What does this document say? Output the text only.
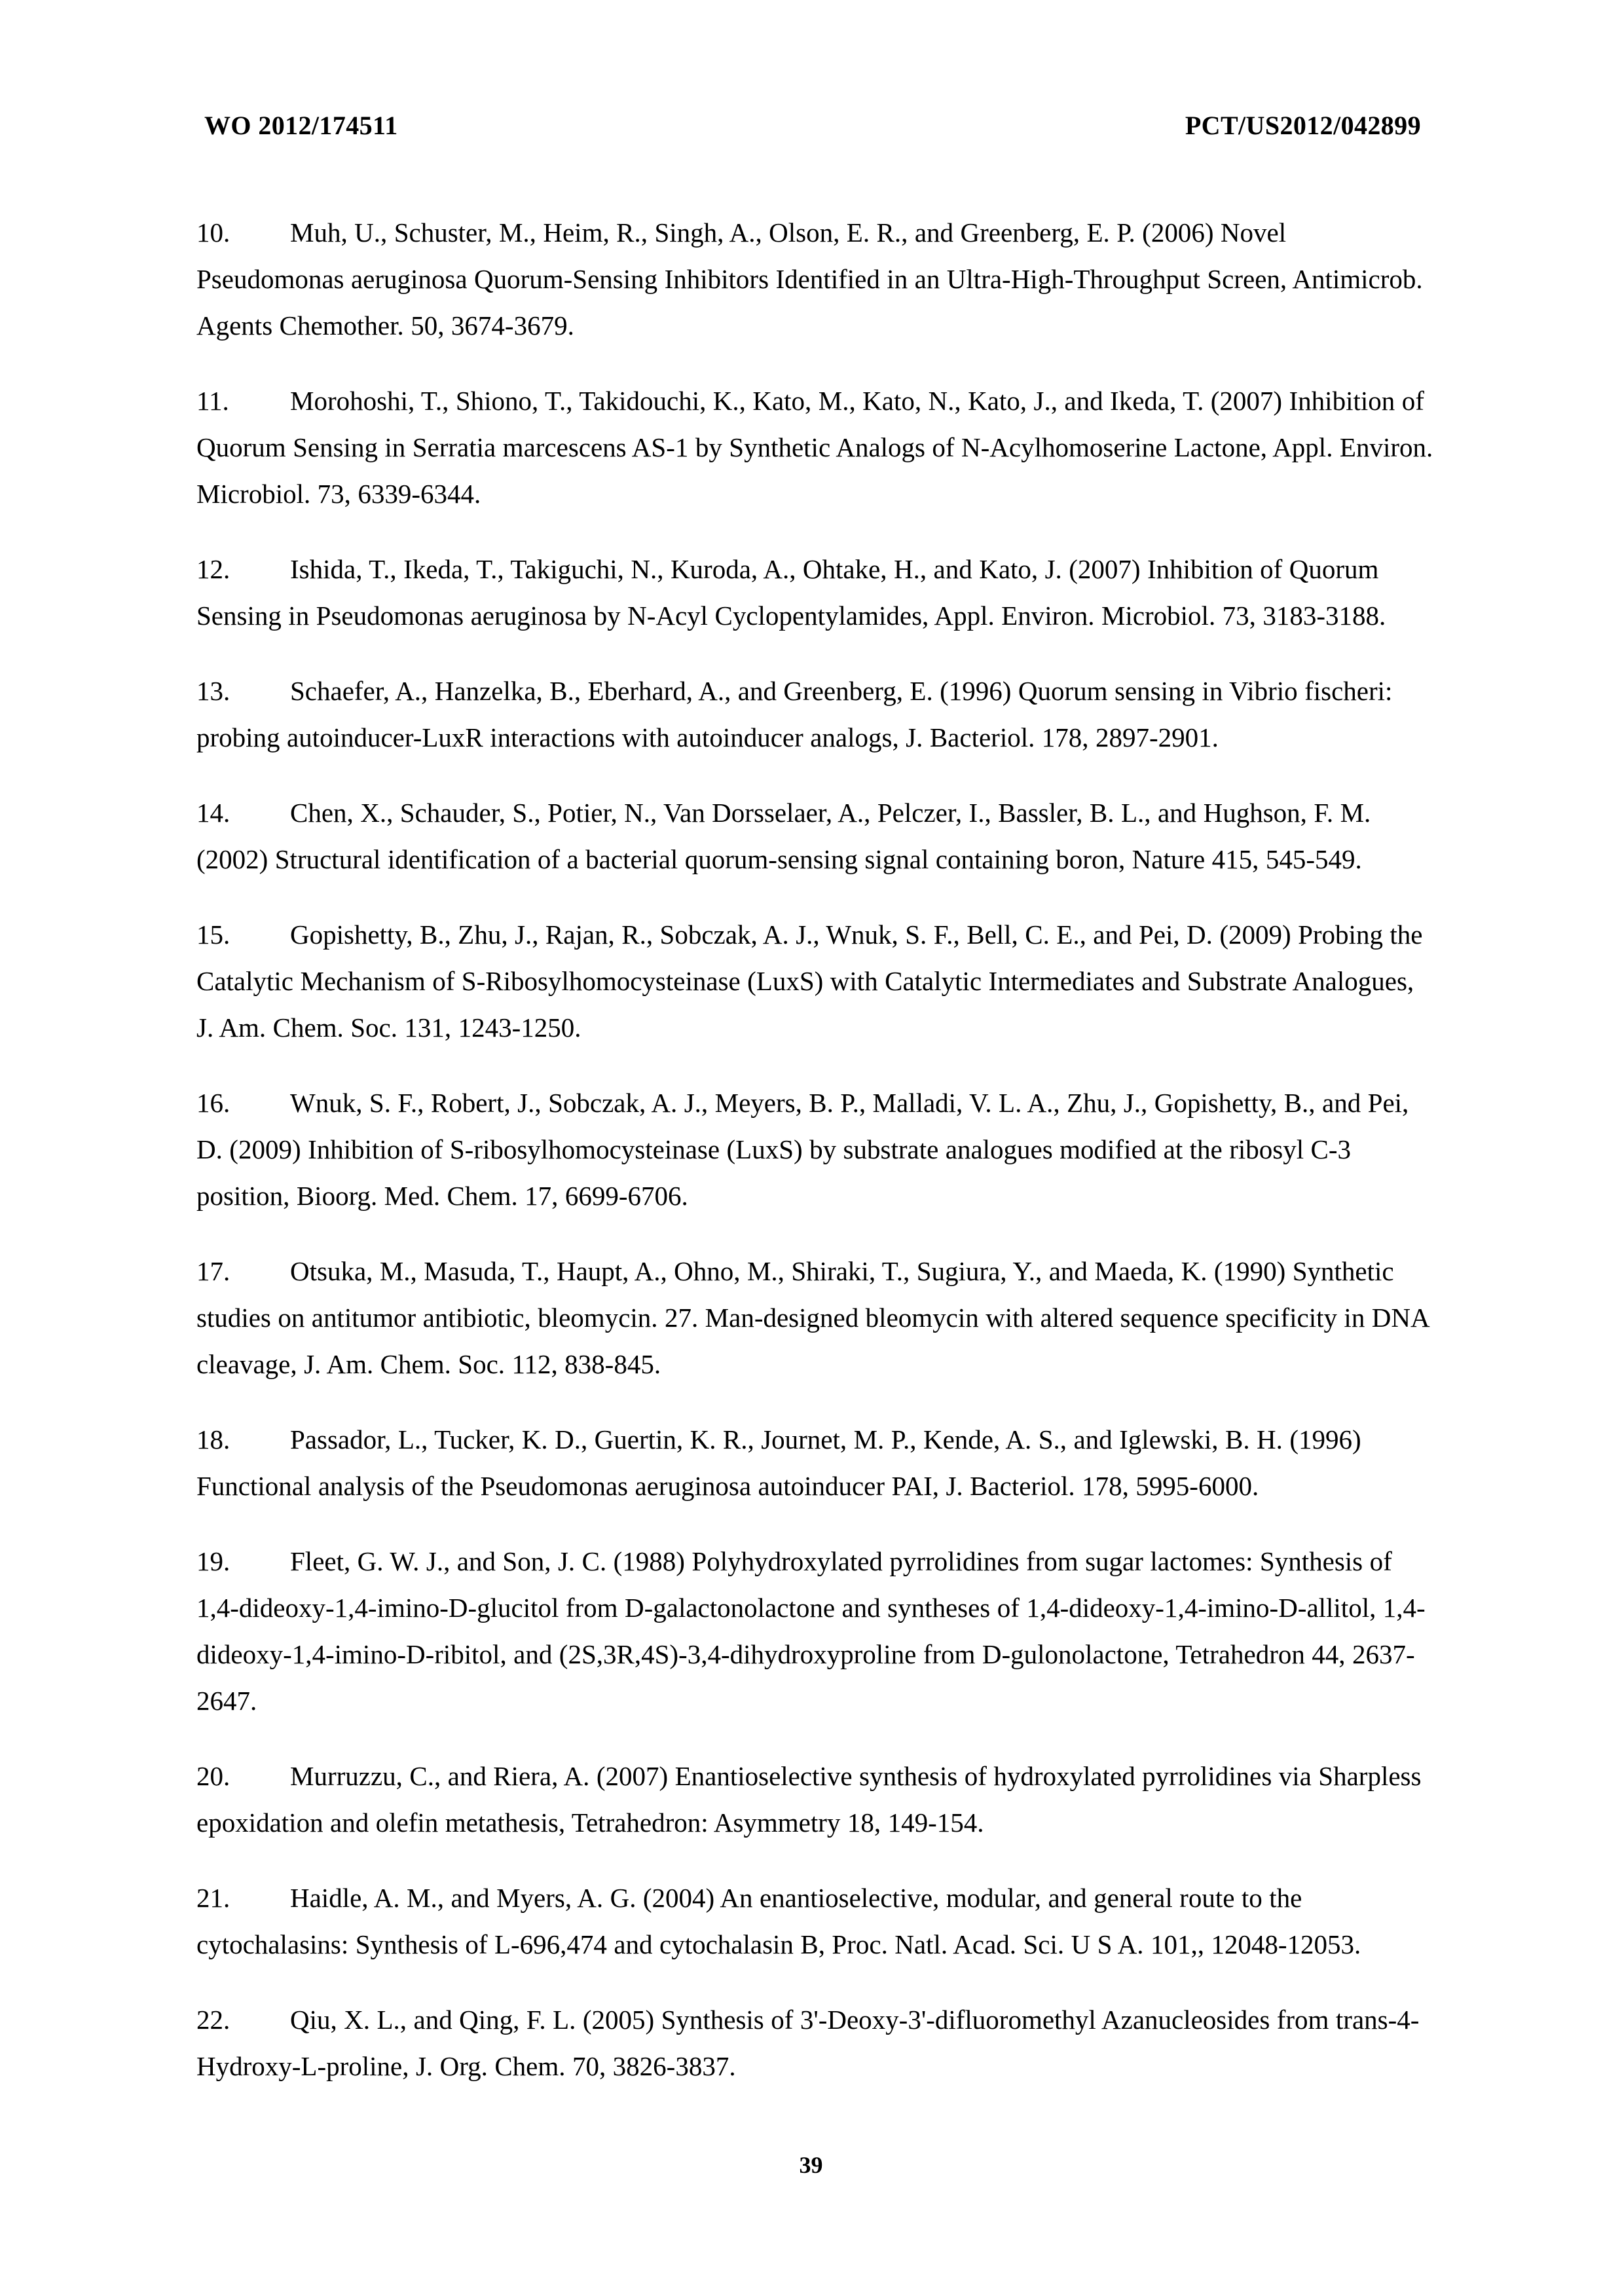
WO 2012/174511	PCT/US2012/042899

10. Muh, U., Schuster, M., Heim, R., Singh, A., Olson, E. R., and Greenberg, E. P. (2006) Novel Pseudomonas aeruginosa Quorum-Sensing Inhibitors Identified in an Ultra-High-Throughput Screen, Antimicrob. Agents Chemother. 50, 3674-3679.

11. Morohoshi, T., Shiono, T., Takidouchi, K., Kato, M., Kato, N., Kato, J., and Ikeda, T. (2007) Inhibition of Quorum Sensing in Serratia marcescens AS-1 by Synthetic Analogs of N-Acylhomoserine Lactone, Appl. Environ. Microbiol. 73, 6339-6344.

12. Ishida, T., Ikeda, T., Takiguchi, N., Kuroda, A., Ohtake, H., and Kato, J. (2007) Inhibition of Quorum Sensing in Pseudomonas aeruginosa by N-Acyl Cyclopentylamides, Appl. Environ. Microbiol. 73, 3183-3188.

13. Schaefer, A., Hanzelka, B., Eberhard, A., and Greenberg, E. (1996) Quorum sensing in Vibrio fischeri: probing autoinducer-LuxR interactions with autoinducer analogs, J. Bacteriol. 178, 2897-2901.

14. Chen, X., Schauder, S., Potier, N., Van Dorsselaer, A., Pelczer, I., Bassler, B. L., and Hughson, F. M. (2002) Structural identification of a bacterial quorum-sensing signal containing boron, Nature 415, 545-549.

15. Gopishetty, B., Zhu, J., Rajan, R., Sobczak, A. J., Wnuk, S. F., Bell, C. E., and Pei, D. (2009) Probing the Catalytic Mechanism of S-Ribosylhomocysteinase (LuxS) with Catalytic Intermediates and Substrate Analogues, J. Am. Chem. Soc. 131, 1243-1250.

16. Wnuk, S. F., Robert, J., Sobczak, A. J., Meyers, B. P., Malladi, V. L. A., Zhu, J., Gopishetty, B., and Pei, D. (2009) Inhibition of S-ribosylhomocysteinase (LuxS) by substrate analogues modified at the ribosyl C-3 position, Bioorg. Med. Chem. 17, 6699-6706.

17. Otsuka, M., Masuda, T., Haupt, A., Ohno, M., Shiraki, T., Sugiura, Y., and Maeda, K. (1990) Synthetic studies on antitumor antibiotic, bleomycin. 27. Man-designed bleomycin with altered sequence specificity in DNA cleavage, J. Am. Chem. Soc. 112, 838-845.

18. Passador, L., Tucker, K. D., Guertin, K. R., Journet, M. P., Kende, A. S., and Iglewski, B. H. (1996) Functional analysis of the Pseudomonas aeruginosa autoinducer PAI, J. Bacteriol. 178, 5995-6000.

19. Fleet, G. W. J., and Son, J. C. (1988) Polyhydroxylated pyrrolidines from sugar lactomes: Synthesis of 1,4-dideoxy-1,4-imino-D-glucitol from D-galactonolactone and syntheses of 1,4-dideoxy-1,4-imino-D-allitol, 1,4-dideoxy-1,4-imino-D-ribitol, and (2S,3R,4S)-3,4-dihydroxyproline from D-gulonolactone, Tetrahedron 44, 2637-2647.

20. Murruzzu, C., and Riera, A. (2007) Enantioselective synthesis of hydroxylated pyrrolidines via Sharpless epoxidation and olefin metathesis, Tetrahedron: Asymmetry 18, 149-154.

21. Haidle, A. M., and Myers, A. G. (2004) An enantioselective, modular, and general route to the cytochalasins: Synthesis of L-696,474 and cytochalasin B, Proc. Natl. Acad. Sci. U S A. 101,, 12048-12053.

22. Qiu, X. L., and Qing, F. L. (2005) Synthesis of 3'-Deoxy-3'-difluoromethyl Azanucleosides from trans-4-Hydroxy-L-proline, J. Org. Chem. 70, 3826-3837.

39
